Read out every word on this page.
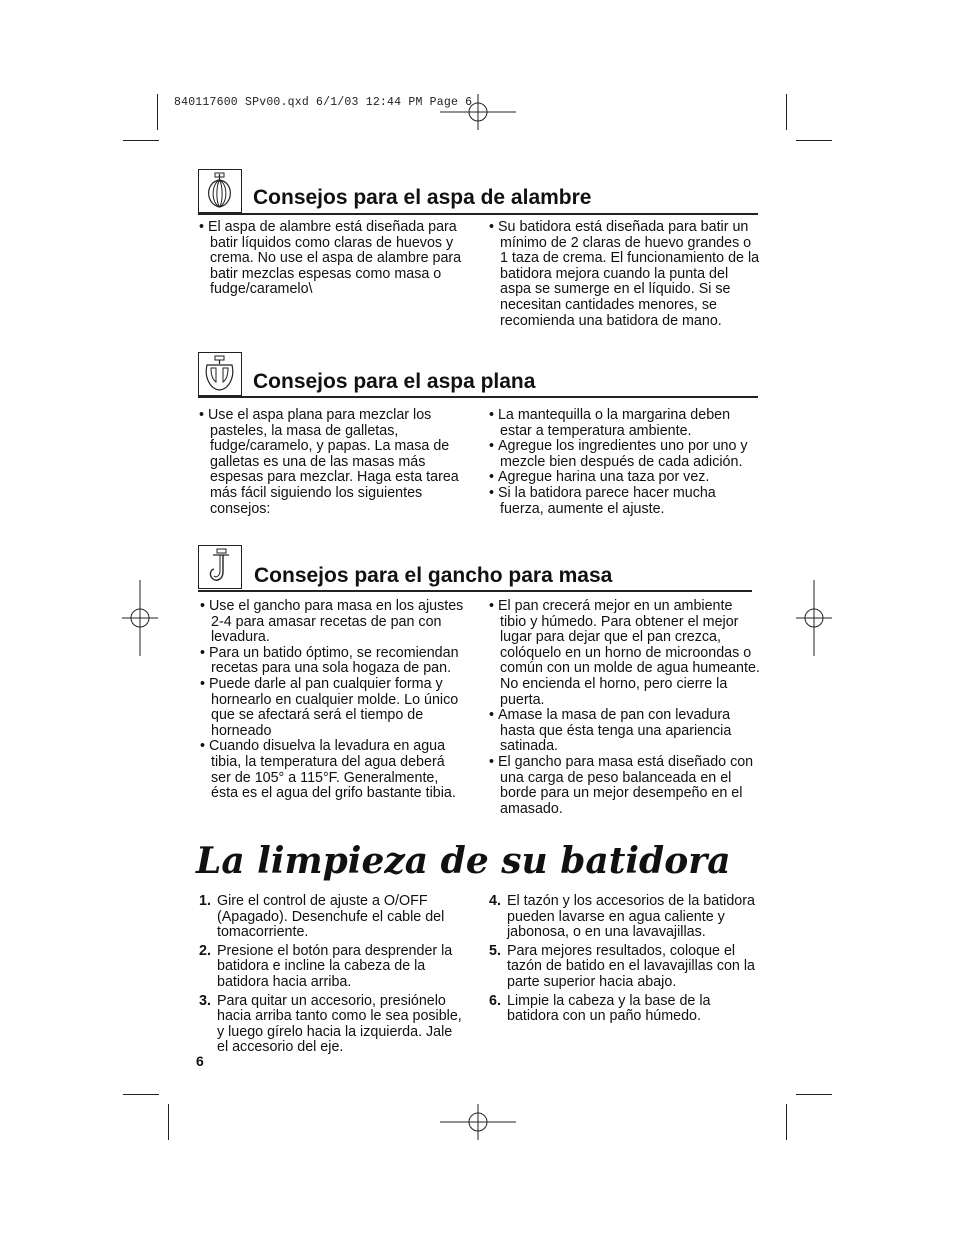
840117600 SPv00.qxd 6/1/03 12:44 PM Page 6
Consejos para el aspa de alambre
• El aspa de alambre está diseñada para batir líquidos como claras de huevos y crema. No use el aspa de alambre para batir mezclas espesas como masa o fudge/caramelo\
• Su batidora está diseñada para batir un mínimo de 2 claras de huevo grandes o 1 taza de crema. El funcionamiento de la batidora mejora cuando la punta del aspa se sumerge en el líquido. Si se necesitan cantidades menores, se recomienda una batidora de mano.
Consejos para el aspa plana
• Use el aspa plana para mezclar los pasteles, la masa de galletas, fudge/caramelo, y papas. La masa de galletas es una de las masas más espesas para mezclar. Haga esta tarea más fácil siguiendo los siguientes consejos:
• La mantequilla o la margarina deben estar a temperatura ambiente.
• Agregue los ingredientes uno por uno y mezcle bien después de cada adición.
• Agregue harina una taza por vez.
• Si la batidora parece hacer mucha fuerza, aumente el ajuste.
Consejos para el gancho para masa
• Use el gancho para masa en los ajustes 2-4 para amasar recetas de pan con levadura.
• Para un batido óptimo, se recomiendan recetas para una sola hogaza de pan.
• Puede darle al pan cualquier forma y hornearlo en cualquier molde. Lo único que se afectará será el tiempo de horneado
• Cuando disuelva la levadura en agua tibia, la temperatura del agua deberá ser de 105° a 115°F. Generalmente, ésta es el agua del grifo bastante tibia.
• El pan crecerá mejor en un ambiente tibio y húmedo. Para obtener el mejor lugar para dejar que el pan crezca, colóquelo en un horno de microondas o común con un molde de agua humeante. No encienda el horno, pero cierre la puerta.
• Amase la masa de pan con levadura hasta que ésta tenga una apariencia satinada.
• El gancho para masa está diseñado con una carga de peso balanceada en el borde para un mejor desempeño en el amasado.
La limpieza de su batidora
1. Gire el control de ajuste a O/OFF (Apagado). Desenchufe el cable del tomacorriente.
2. Presione el botón para desprender la batidora e incline la cabeza de la batidora hacia arriba.
3. Para quitar un accesorio, presiónelo hacia arriba tanto como le sea posible, y luego gírelo hacia la izquierda. Jale el accesorio del eje.
4. El tazón y los accesorios de la batidora pueden lavarse en agua caliente y jabonosa, o en una lavavajillas.
5. Para mejores resultados, coloque el tazón de batido en el lavavajillas con la parte superior hacia abajo.
6. Limpie la cabeza y la base de la batidora con un paño húmedo.
6
